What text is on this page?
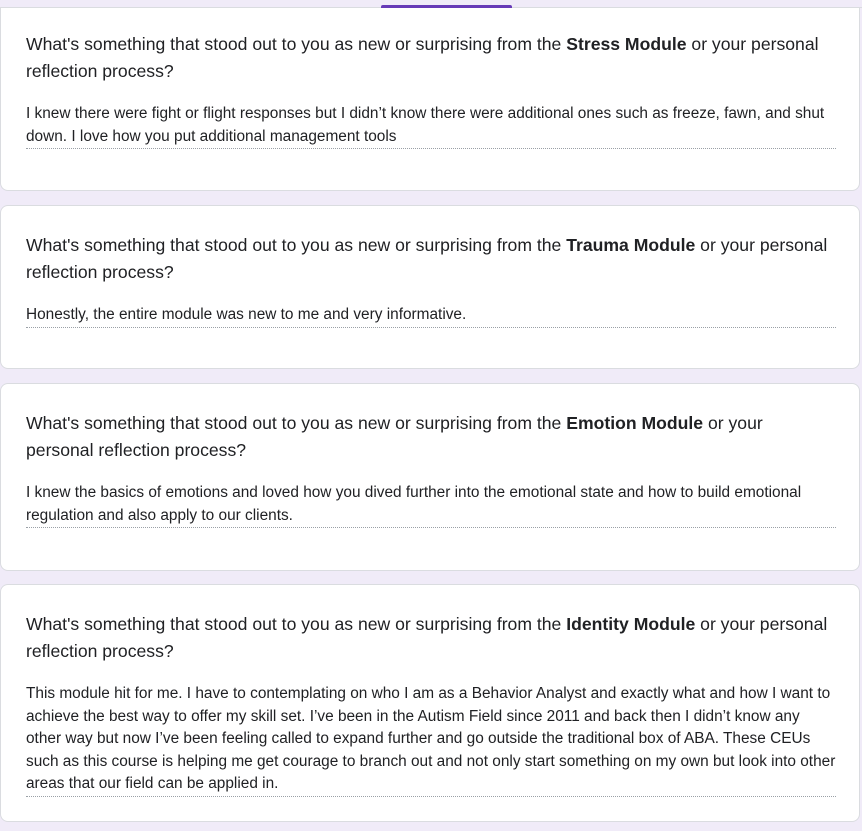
What's something that stood out to you as new or surprising from the Stress Module or your personal reflection process?
I knew there were fight or flight responses but I didn’t know there were additional ones such as freeze, fawn, and shut down. I love how you put additional management tools
What's something that stood out to you as new or surprising from the Trauma Module or your personal reflection process?
Honestly, the entire module was new to me and very informative.
What's something that stood out to you as new or surprising from the Emotion Module or your personal reflection process?
I knew the basics of emotions and loved how you dived further into the emotional state and how to build emotional regulation and also apply to our clients.
What's something that stood out to you as new or surprising from the Identity Module or your personal reflection process?
This module hit for me. I have to contemplating on who I am as a Behavior Analyst and exactly what and how I want to achieve the best way to offer my skill set. I’ve been in the Autism Field since 2011 and back then I didn’t know any other way but now I’ve been feeling called to expand further and go outside the traditional box of ABA. These CEUs such as this course is helping me get courage to branch out and not only start something on my own but look into other areas that our field can be applied in.
